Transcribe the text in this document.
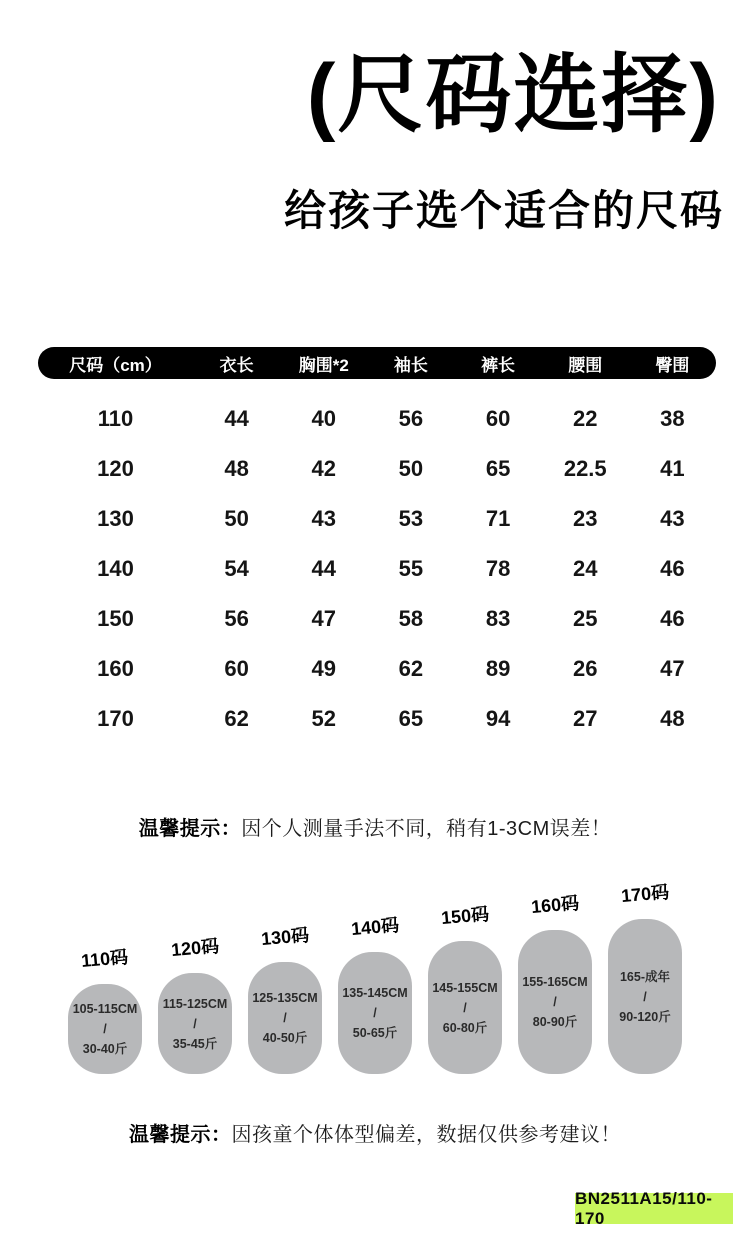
(尺码选择)
给孩子选个适合的尺码
尺码（cm）	衣长	胸围*2	袖长	裤长	腰围	臀围
110	44	40	56	60	22	38
120	48	42	50	65	22.5	41
130	50	43	53	71	23	43
140	54	44	55	78	24	46
150	56	47	58	83	25	46
160	60	49	62	89	26	47
170	62	52	65	94	27	48
温馨提示：因个人测量手法不同，稍有1-3CM误差！
110码
105-115CM
/
30-40斤
120码
115-125CM
/
35-45斤
130码
125-135CM
/
40-50斤
140码
135-145CM
/
50-65斤
150码
145-155CM
/
60-80斤
160码
155-165CM
/
80-90斤
170码
165-成年
/
90-120斤
温馨提示：因孩童个体体型偏差，数据仅供参考建议！
BN2511A15/110-170
